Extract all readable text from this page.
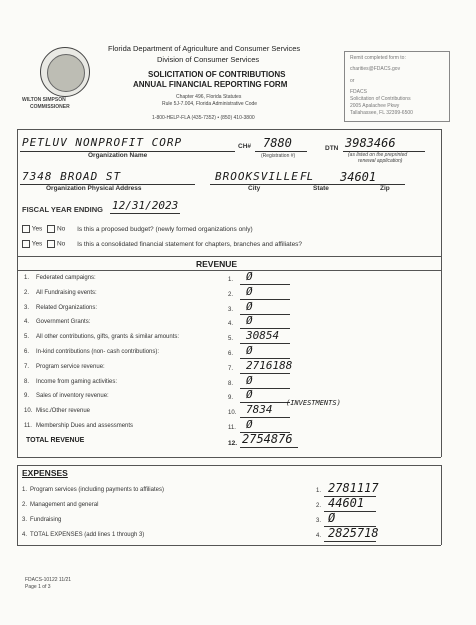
WILTON SIMPSON
COMMISSIONER
Florida Department of Agriculture and Consumer Services
Division of Consumer Services
SOLICITATION OF CONTRIBUTIONS
ANNUAL FINANCIAL REPORTING FORM
Chapter 496, Florida Statutes
Rule 5J-7.004, Florida Administrative Code
1-800-HELP-FLA (435-7352) • (850) 410-3800
Remit completed form to:
charities@FDACS.gov
or
FDACS
Solicitation of Contributions
2005 Apalachee Pkwy
Tallahassee, FL 32399-6500
PETLUV NONPROFIT CORP
Organization Name
CH# 7880
(Registration #)
DTN 3983466
(as listed on the preprinted
renewal application)
7348 BROAD ST
Organization Physical Address
BROOKSVILLE FL 34601
City	State	Zip
FISCAL YEAR ENDING 12/31/2023
Yes No Is this a proposed budget? (newly formed organizations only)
Yes No Is this a consolidated financial statement for chapters, branches and affiliates?
REVENUE
1. Federated campaigns:	1. Ø
2. All Fundraising events:	2. Ø
3. Related Organizations:	3. Ø
4. Government Grants:	4. Ø
5. All other contributions, gifts, grants & similar amounts:	5. 30854
6. In-kind contributions (non- cash contributions):	6. Ø
7. Program service revenue:	7. 2716188
8. Income from gaming activities:	8. Ø
9. Sales of inventory revenue:	9. Ø
10. Misc./Other revenue	10. 7834
11. Membership Dues and assessments	11. Ø
(INVESTMENTS)
TOTAL REVENUE	12. 2754876
EXPENSES
1. Program services (including payments to affiliates)	1. 2781117
2. Management and general	2. 44601
3. Fundraising	3. Ø
4. TOTAL EXPENSES (add lines 1 through 3)	4. 2825718
FDACS-10122 11/21
Page 1 of 3
